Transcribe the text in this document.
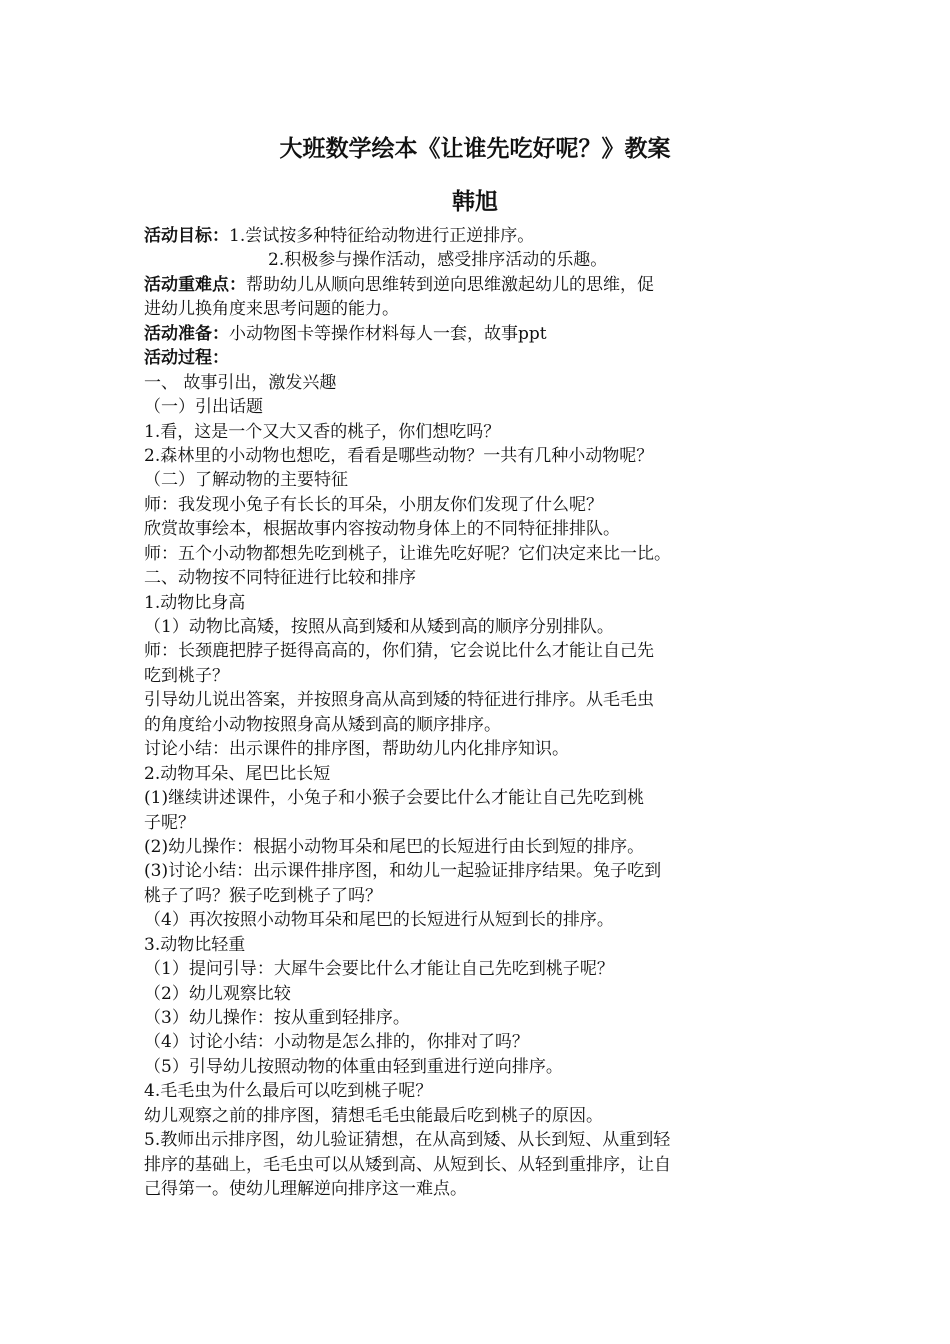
大班数学绘本《让谁先吃好呢？》教案
韩旭
活动目标：1.尝试按多种特征给动物进行正逆排序。
2.积极参与操作活动，感受排序活动的乐趣。
活动重难点：帮助幼儿从顺向思维转到逆向思维激起幼儿的思维，促
进幼儿换角度来思考问题的能力。
活动准备：小动物图卡等操作材料每人一套，故事ppt
活动过程：
一、 故事引出，激发兴趣
（一）引出话题
1.看，这是一个又大又香的桃子，你们想吃吗？
2.森林里的小动物也想吃，看看是哪些动物？一共有几种小动物呢？
（二）了解动物的主要特征
师：我发现小兔子有长长的耳朵，小朋友你们发现了什么呢？
欣赏故事绘本，根据故事内容按动物身体上的不同特征排排队。
师：五个小动物都想先吃到桃子，让谁先吃好呢？它们决定来比一比。
二、动物按不同特征进行比较和排序
1.动物比身高
（1）动物比高矮，按照从高到矮和从矮到高的顺序分别排队。
师：长颈鹿把脖子挺得高高的，你们猜，它会说比什么才能让自己先
吃到桃子？
引导幼儿说出答案，并按照身高从高到矮的特征进行排序。从毛毛虫
的角度给小动物按照身高从矮到高的顺序排序。
讨论小结：出示课件的排序图，帮助幼儿内化排序知识。
2.动物耳朵、尾巴比长短
(1)继续讲述课件，小兔子和小猴子会要比什么才能让自己先吃到桃
子呢？
(2)幼儿操作：根据小动物耳朵和尾巴的长短进行由长到短的排序。
(3)讨论小结：出示课件排序图，和幼儿一起验证排序结果。兔子吃到
桃子了吗？猴子吃到桃子了吗？
（4）再次按照小动物耳朵和尾巴的长短进行从短到长的排序。
3.动物比轻重
（1）提问引导：大犀牛会要比什么才能让自己先吃到桃子呢？
（2）幼儿观察比较
（3）幼儿操作：按从重到轻排序。
（4）讨论小结：小动物是怎么排的，你排对了吗？
（5）引导幼儿按照动物的体重由轻到重进行逆向排序。
4.毛毛虫为什么最后可以吃到桃子呢？
幼儿观察之前的排序图，猜想毛毛虫能最后吃到桃子的原因。
5.教师出示排序图，幼儿验证猜想，在从高到矮、从长到短、从重到轻
排序的基础上，毛毛虫可以从矮到高、从短到长、从轻到重排序，让自
己得第一。使幼儿理解逆向排序这一难点。
